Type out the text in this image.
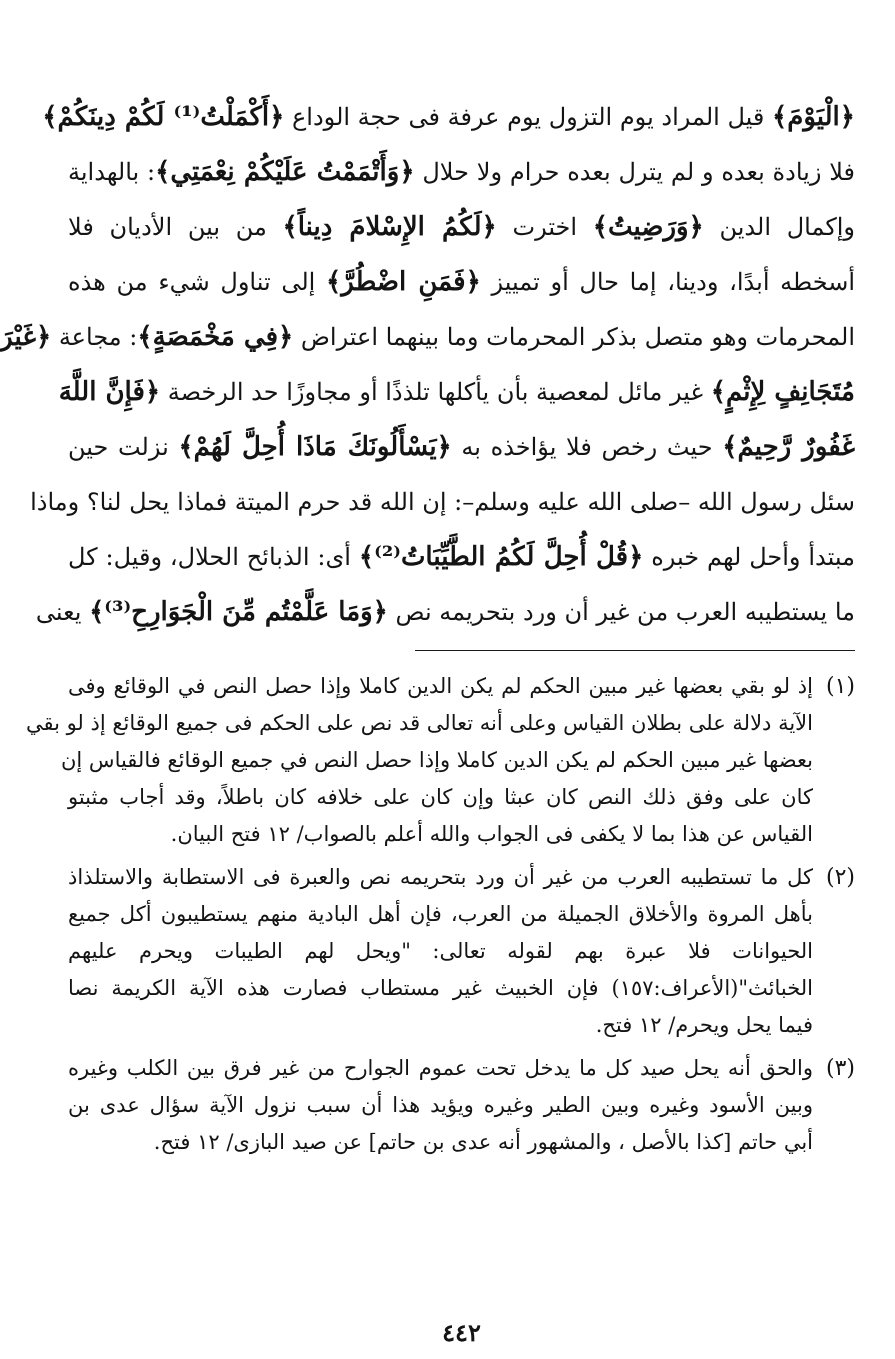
﴿الْيَوْمَ﴾ قيل المراد يوم التزول يوم عرفة فى حجة الوداع ﴿أَكْمَلْتُ⁽¹⁾ لَكُمْ دِينَكُمْ﴾
فلا زيادة بعده و لم يترل بعده حرام ولا حلال ﴿وَأَتْمَمْتُ عَلَيْكُمْ نِعْمَتِي﴾: بالهداية
وإكمال الدين ﴿وَرَضِيتُ﴾ اخترت ﴿لَكُمُ الإِسْلامَ دِيناً﴾ من بين الأديان فلا
أسخطه أبدًا، ودينا، إما حال أو تمييز ﴿فَمَنِ اضْطُرَّ﴾ إلى تناول شيء من هذه
المحرمات وهو متصل بذكر المحرمات وما بينهما اعتراض ﴿فِي مَخْمَصَةٍ﴾: مجاعة ﴿غَيْرَ
مُتَجَانِفٍ لِإِثْمٍ﴾ غير مائل لمعصية بأن يأكلها تلذذًا أو مجاوزًا حد الرخصة ﴿فَإِنَّ اللَّهَ
غَفُورٌ رَّحِيمٌ﴾ حيث رخص فلا يؤاخذه به ﴿يَسْأَلُونَكَ مَاذَا أُحِلَّ لَهُمْ﴾ نزلت حين
سئل رسول الله –صلى الله عليه وسلم–: إن الله قد حرم الميتة فماذا يحل لنا؟ وماذا
مبتدأ وأحل لهم خبره ﴿قُلْ أُحِلَّ لَكُمُ الطَّيِّبَاتُ⁽²⁾﴾ أى: الذبائح الحلال، وقيل: كل
ما يستطيبه العرب من غير أن ورد بتحريمه نص ﴿وَمَا عَلَّمْتُم مِّنَ الْجَوَارِحِ⁽³⁾﴾ يعنى
(١)
إذ لو بقي بعضها غير مبين الحكم لم يكن الدين كاملا وإذا حصل النص في الوقائع وفى
الآية دلالة على بطلان القياس وعلى أنه تعالى قد نص على الحكم فى جميع الوقائع إذ لو بقي
بعضها غير مبين الحكم لم يكن الدين كاملا وإذا حصل النص في جميع الوقائع فالقياس إن
كان على وفق ذلك النص كان عبثا وإن كان على خلافه كان باطلاً، وقد أجاب مثبتو
القياس عن هذا بما لا يكفى فى الجواب والله أعلم بالصواب/ ١٢ فتح البيان.
(٢)
كل ما تستطيبه العرب من غير أن ورد بتحريمه نص والعبرة فى الاستطابة والاستلذاذ
بأهل المروة والأخلاق الجميلة من العرب، فإن أهل البادية منهم يستطيبون أكل جميع
الحيوانات فلا عبرة بهم لقوله تعالى: "ويحل لهم الطيبات ويحرم عليهم
الخبائث"(الأعراف:١٥٧) فإن الخبيث غير مستطاب فصارت هذه الآية الكريمة نصا
فيما يحل ويحرم/ ١٢ فتح.
(٣)
والحق أنه يحل صيد كل ما يدخل تحت عموم الجوارح من غير فرق بين الكلب وغيره
وبين الأسود وغيره وبين الطير وغيره ويؤيد هذا أن سبب نزول الآية سؤال عدى بن
أبي حاتم [كذا بالأصل ، والمشهور أنه عدى بن حاتم] عن صيد البازى/ ١٢ فتح.
٤٤٢
